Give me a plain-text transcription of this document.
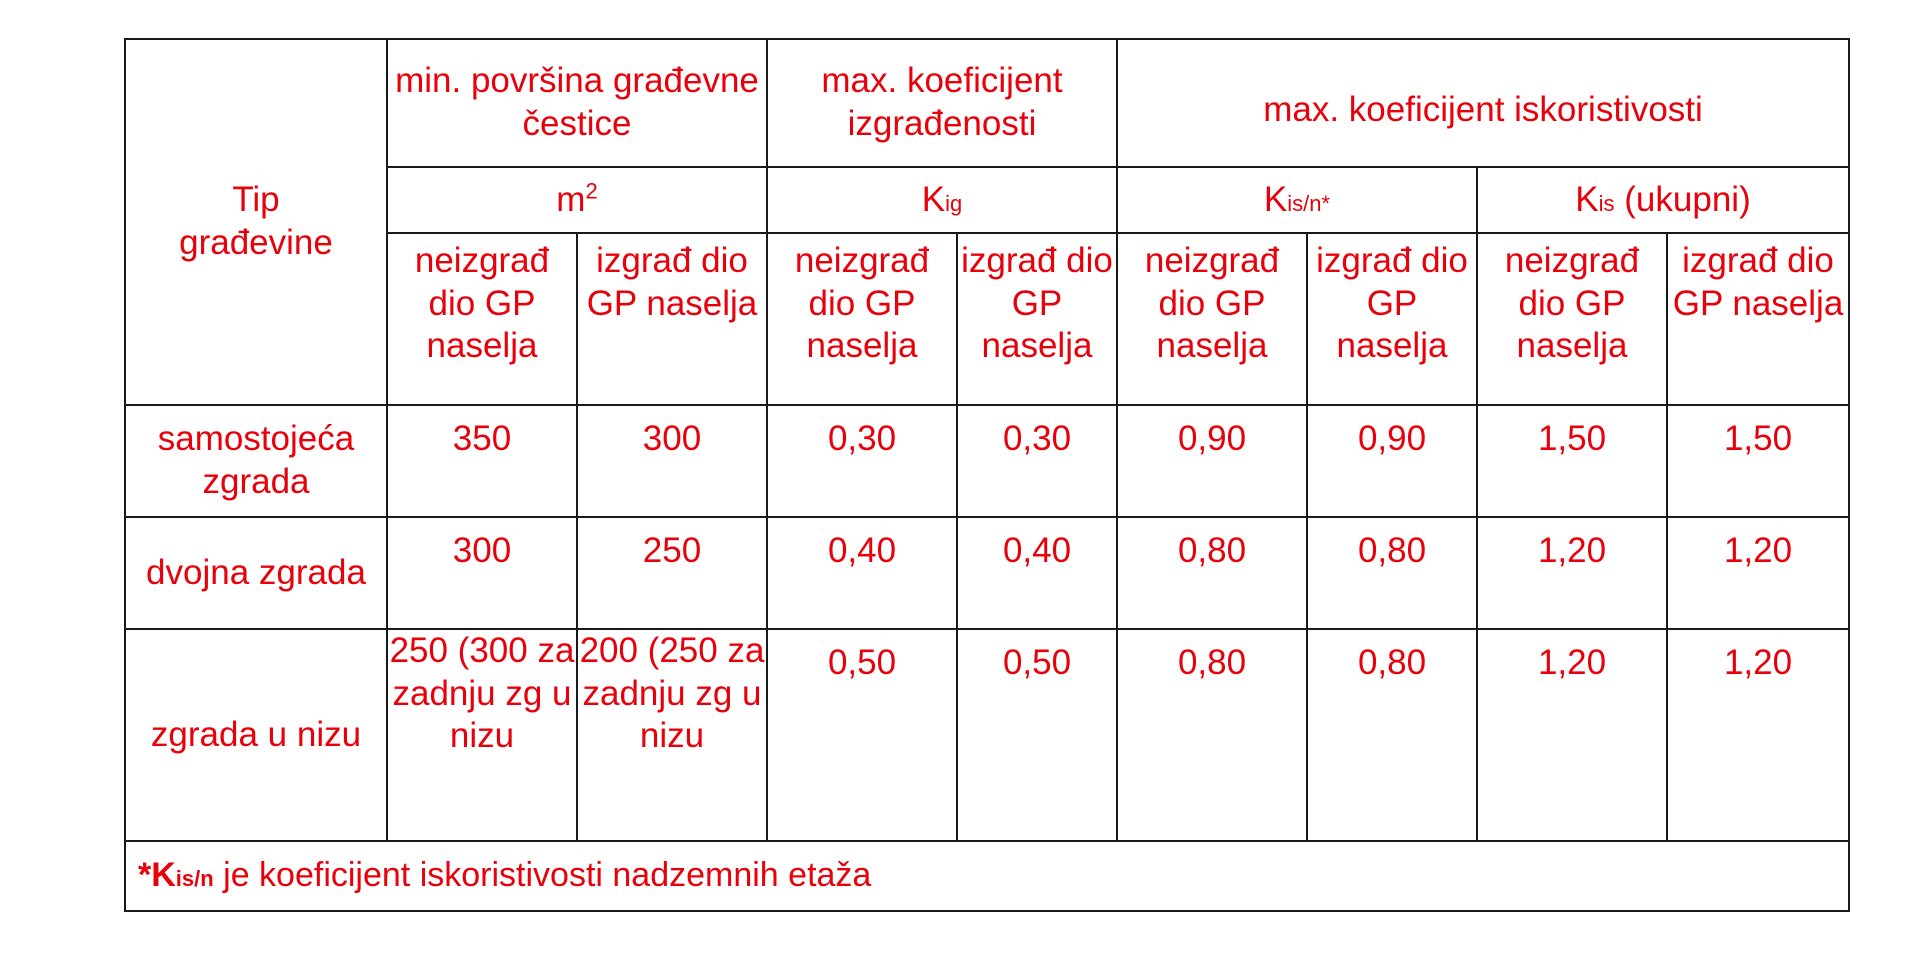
Tip građevine	min. površina građevne čestice		max. koeficijent izgrađenosti		max. koeficijent iskoristivosti			
	$m^2$		Kig		Kis/n*		Kis (ukupni)	
	neizgrađ dio GP naselja	izgrađ dio GP naselja	neizgrađ dio GP naselja	izgrađ dio GP naselja	neizgrađ dio GP naselja	izgrađ dio GP naselja	neizgrađ dio GP naselja	izgrađ dio GP naselja
samostojeća zgrada	350	300	0,30	0,30	0,90	0,90	1,50	1,50
dvojna zgrada	300	250	0,40	0,40	0,80	0,80	1,20	1,20
zgrada u nizu	250 (300 za zadnju zg u nizu	200 (250 za zadnju zg u nizu	0,50	0,50	0,80	0,80	1,20	1,20
*Kis/n je koeficijent iskoristivosti nadzemnih etaža								
